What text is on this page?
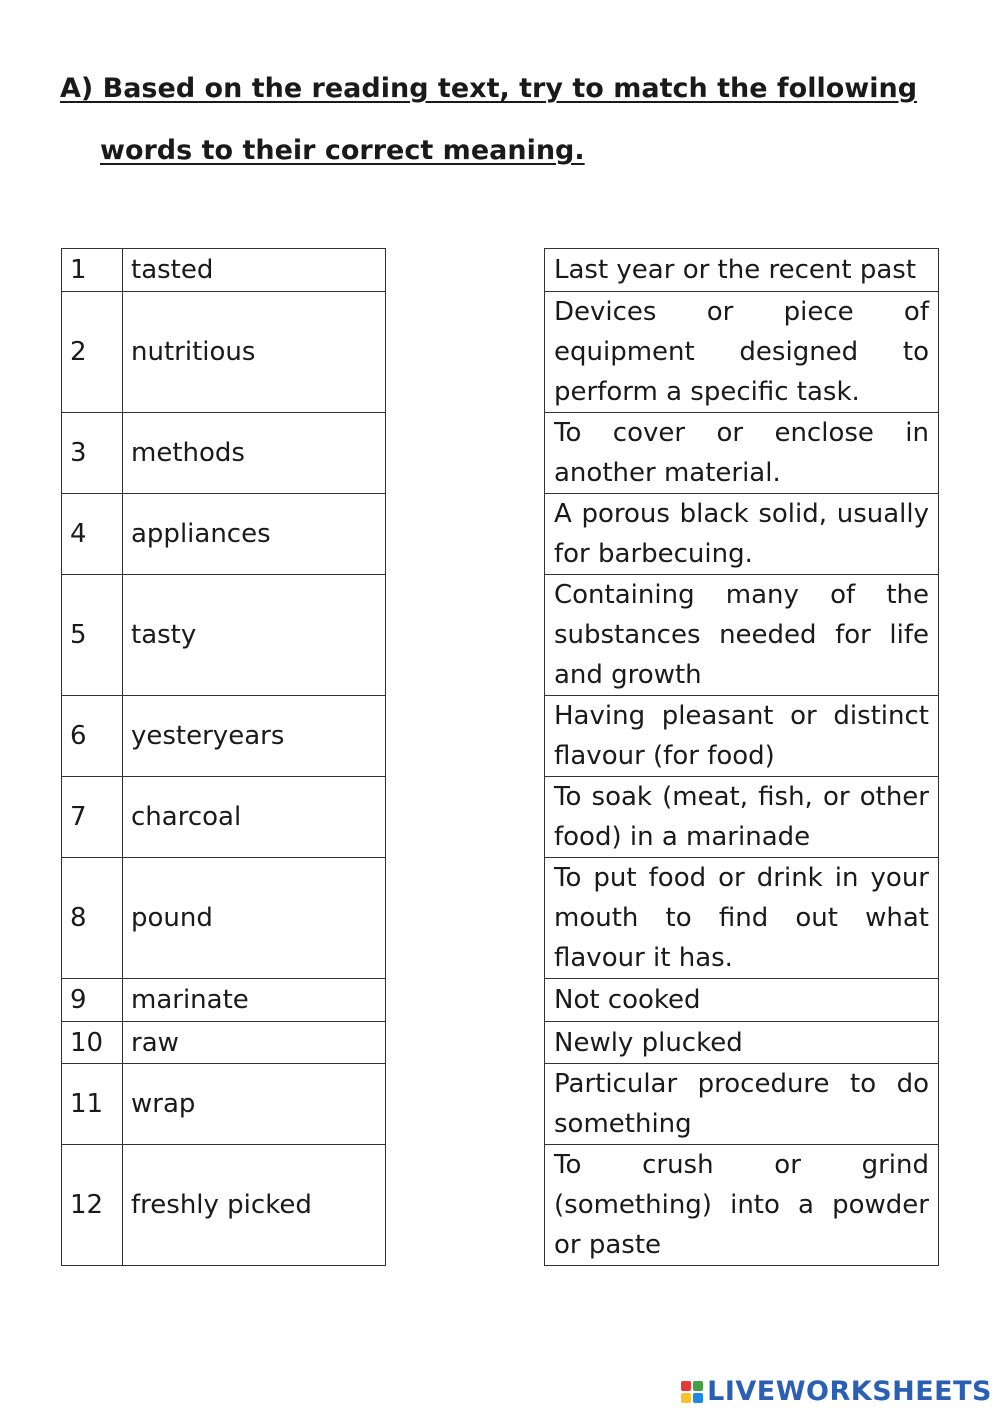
A) Based on the reading text, try to match the following
words to their correct meaning.
1	tasted
2	nutritious
3	methods
4	appliances
5	tasty
6	yesteryears
7	charcoal
8	pound
9	marinate
10	raw
11	wrap
12	freshly picked
Last year or the recent past
Devices or piece of equipment designed to perform a specific task.
To cover or enclose in another material.
A porous black solid, usually for barbecuing.
Containing many of the substances needed for life and growth
Having pleasant or distinct flavour (for food)
To soak (meat, fish, or other food) in a marinade
To put food or drink in your mouth to find out what flavour it has.
Not cooked
Newly plucked
Particular procedure to do something
To crush or grind (something) into a powder or paste
LIVEWORKSHEETS
